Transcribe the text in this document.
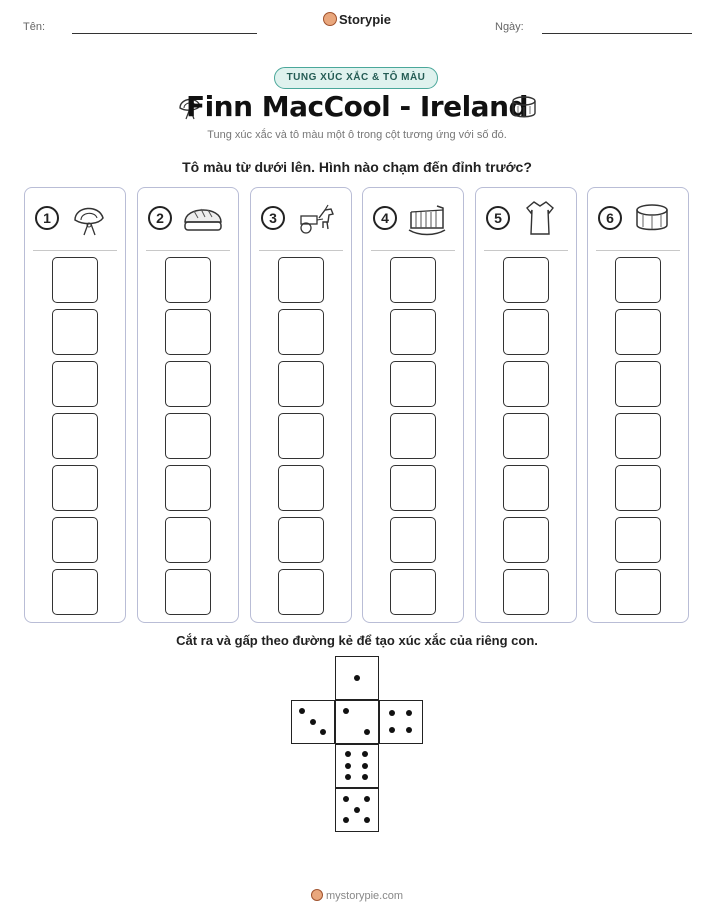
Tên:	Storypie	Ngày:
TUNG XÚC XẮC & TÔ MÀU
Finn MacCool - Ireland
Tung xúc xắc và tô màu một ô trong cột tương ứng với số đó.
Tô màu từ dưới lên. Hình nào chạm đến đỉnh trước?
1	2	3	4	5	6
Cắt ra và gấp theo đường kẻ để tạo xúc xắc của riêng con.
mystorypie.com
